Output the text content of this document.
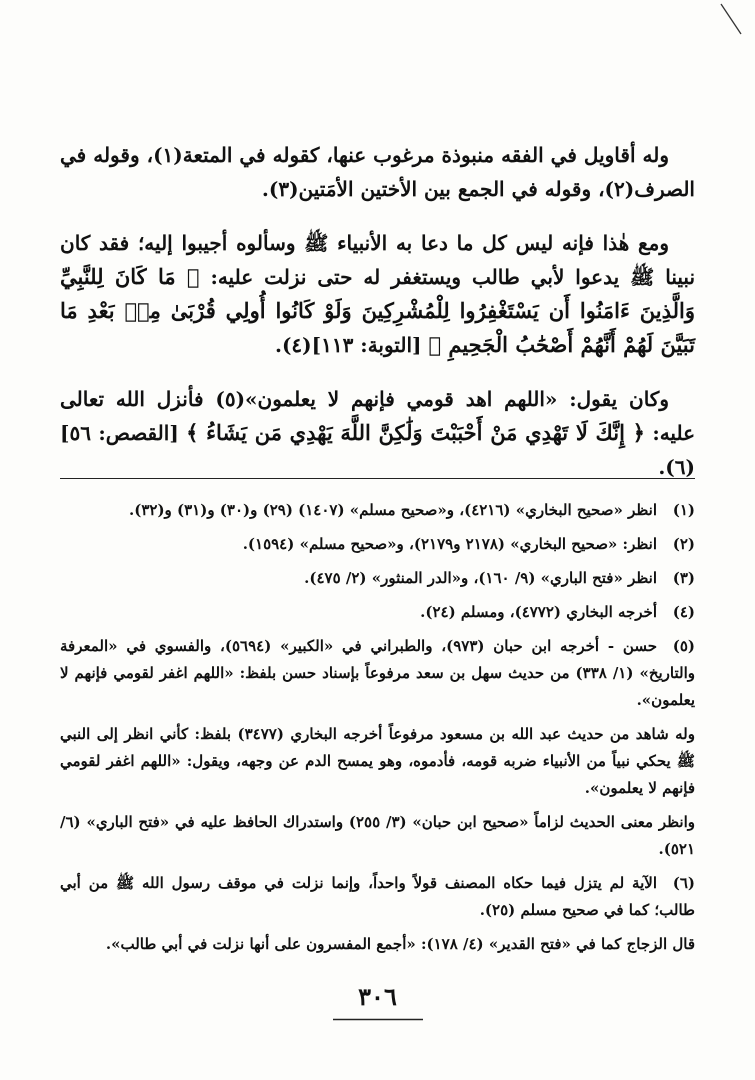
وله أقاويل في الفقه منبوذة مرغوب عنها، كقوله في المتعة(١)، وقوله في الصرف(٢)، وقوله في الجمع بين الأختين الأمَتين(٣).

ومع هٰذا فإنه ليس كل ما دعا به الأنبياء ﷺ وسألوه أجيبوا إليه؛ فقد كان نبينا ﷺ يدعوا لأبي طالب ويستغفر له حتى نزلت عليه: ﴿ مَا كَانَ لِلنَّبِيِّ وَالَّذِينَ ءَامَنُوا أَن يَسْتَغْفِرُوا لِلْمُشْرِكِينَ وَلَوْ كَانُوا أُولِي قُرْبَىٰ مِنۢ بَعْدِ مَا تَبَيَّنَ لَهُمْ أَنَّهُمْ أَصْحَٰبُ الْجَحِيمِ ﴾ [التوبة: ١١٣](٤).

وكان يقول: «اللهم اهد قومي فإنهم لا يعلمون»(٥) فأنزل الله تعالى عليه: ﴿ إِنَّكَ لَا تَهْدِي مَنْ أَحْبَبْتَ وَلَٰكِنَّ اللَّهَ يَهْدِي مَن يَشَاءُ ﴾ [القصص: ٥٦](٦).

(١)انظر «صحيح البخاري» (٤٢١٦)، و«صحيح مسلم» (١٤٠٧) (٢٩) و(٣٠) و(٣١) و(٣٢).

(٢)انظر: «صحيح البخاري» (٢١٧٨ و٢١٧٩)، و«صحيح مسلم» (١٥٩٤).

(٣)انظر «فتح الباري» (٩/ ١٦٠)، و«الدر المنثور» (٢/ ٤٧٥).

(٤)أخرجه البخاري (٤٧٧٢)، ومسلم (٢٤).

(٥)حسن - أخرجه ابن حبان (٩٧٣)، والطبراني في «الكبير» (٥٦٩٤)، والفسوي في «المعرفة والتاريخ» (١/ ٣٣٨) من حديث سهل بن سعد مرفوعاً بإسناد حسن بلفظ: «اللهم اغفر لقومي فإنهم لا يعلمون».

وله شاهد من حديث عبد الله بن مسعود مرفوعاً أخرجه البخاري (٣٤٧٧) بلفظ: كأني انظر إلى النبي ﷺ يحكي نبياً من الأنبياء ضربه قومه، فأدموه، وهو يمسح الدم عن وجهه، ويقول: «اللهم اغفر لقومي فإنهم لا يعلمون».

وانظر معنى الحديث لزاماً «صحيح ابن حبان» (٣/ ٢٥٥) واستدراك الحافظ عليه في «فتح الباري» (٦/ ٥٢١).

(٦)الآية لم يتزل فيما حكاه المصنف قولاً واحداً، وإنما نزلت في موقف رسول الله ﷺ من أبي طالب؛ كما في صحيح مسلم (٢٥).

قال الزجاج كما في «فتح القدير» (٤/ ١٧٨): «أجمع المفسرون على أنها نزلت في أبي طالب».

٣٠٦
